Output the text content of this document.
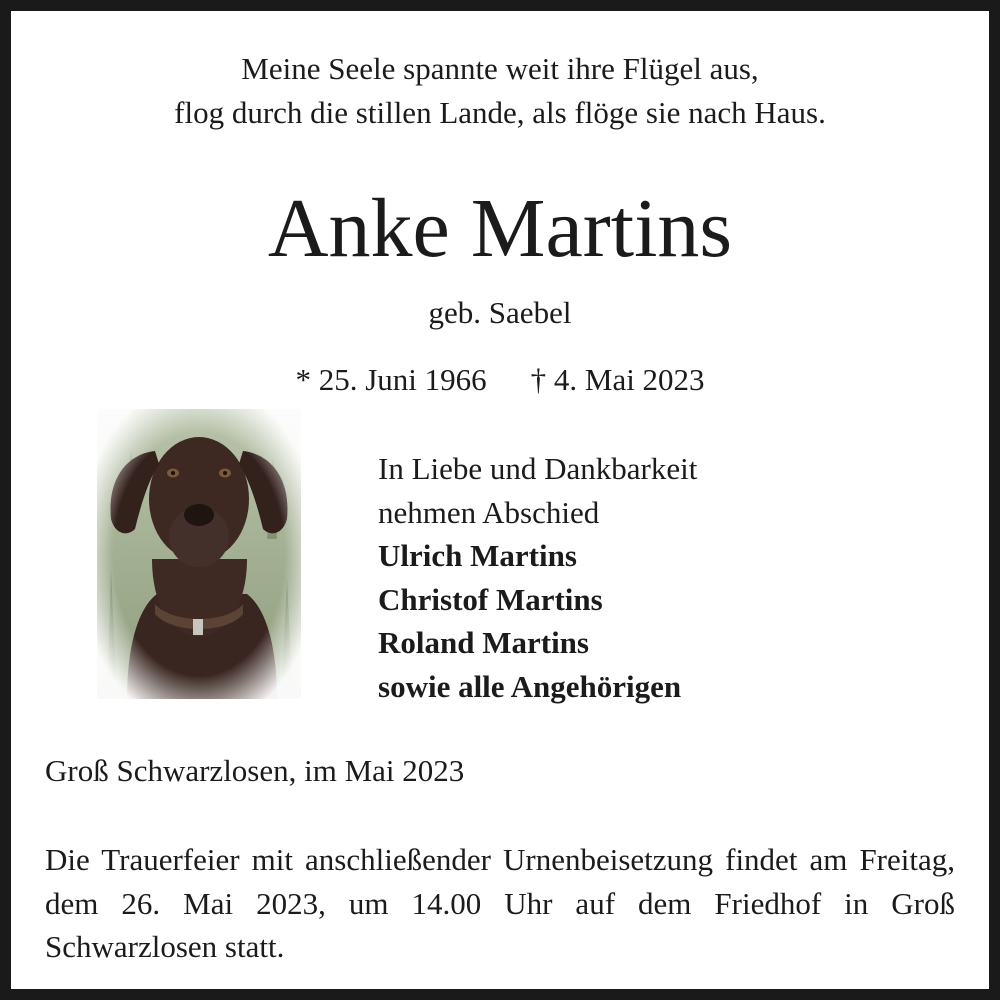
Meine Seele spannte weit ihre Flügel aus,
flog durch die stillen Lande, als flöge sie nach Haus.
Anke Martins
geb. Saebel
* 25. Juni 1966 † 4. Mai 2023
In Liebe und Dankbarkeit
nehmen Abschied
Ulrich Martins
Christof Martins
Roland Martins
sowie alle Angehörigen
Groß Schwarzlosen, im Mai 2023
Die Trauerfeier mit anschließender Urnenbeisetzung findet am Freitag, dem 26. Mai 2023, um 14.00 Uhr auf dem Friedhof in Groß Schwarzlosen statt.
